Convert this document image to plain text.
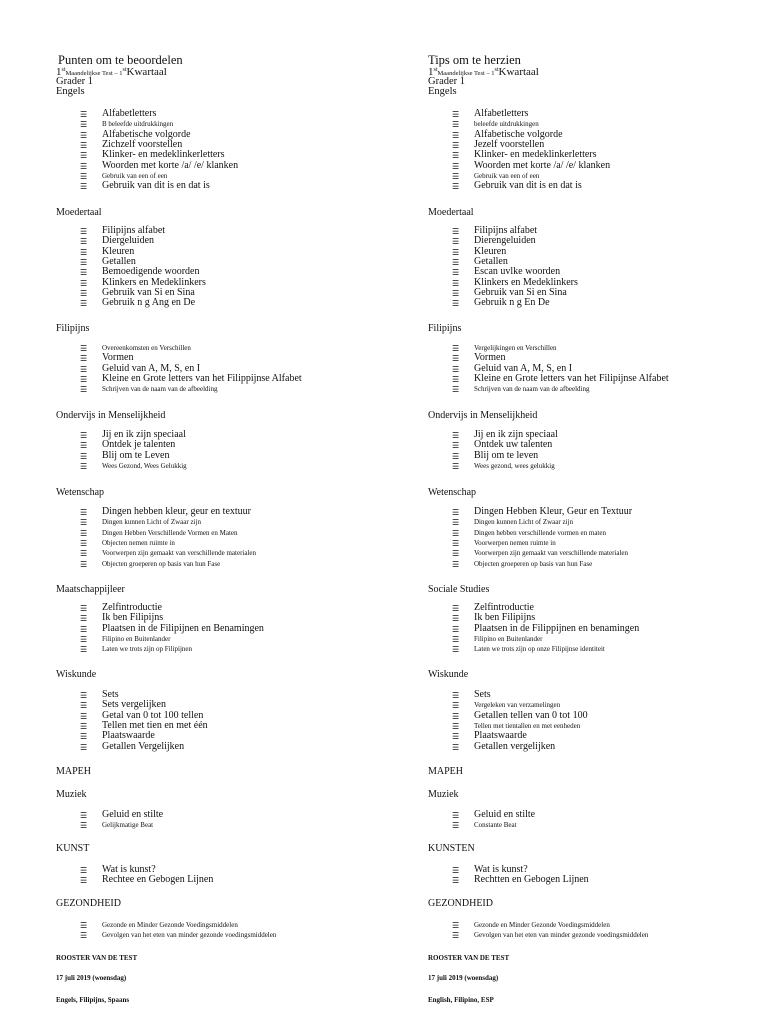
Punten om te beoordelen
1stMaandelijkse Test – 1stKwartaal
Grader 1
Engels
☰ Alfabetletters
☰ B beleefde uitdrukkingen
☰ Alfabetische volgorde
☰ Zichzelf voorstellen
☰ Klinker- en medeklinkerletters
☰ Woorden met korte /a/ /e/ klanken
☰ Gebruik van een of een
☰ Gebruik van dit is en dat is
Moedertaal
☰ Filipijns alfabet
☰ Diergeluiden
☰ Kleuren
☰ Getallen
☰ Bemoedigende woorden
☰ Klinkers en Medeklinkers
☰ Gebruik van Si en Sina
☰ Gebruik n g Ang en De
Filipijns
☰ Overeenkomsten en Verschillen
☰ Vormen
☰ Geluid van A, M, S, en I
☰ Kleine en Grote letters van het Filippijnse Alfabet
☰ Schrijven van de naam van de afbeelding
Ondervijs in Menselijkheid
☰ Jij en ik zijn speciaal
☰ Ontdek je talenten
☰ Blij om te Leven
☰ Wees Gezond, Wees Gelukkig
Wetenschap
☰ Dingen hebben kleur, geur en textuur
☰ Dingen kunnen Licht of Zwaar zijn
☰ Dingen Hebben Verschillende Vormen en Maten
☰ Objecten nemen ruimte in
☰ Voorwerpen zijn gemaakt van verschillende materialen
☰ Objecten groeperen op basis van hun Fase
Maatschappijleer
☰ Zelfintroductie
☰ Ik ben Filipijns
☰ Plaatsen in de Filipijnen en Benamingen
☰ Filipino en Buitenlander
☰ Laten we trots zijn op Filipijnen
Wiskunde
☰ Sets
☰ Sets vergelijken
☰ Getal van 0 tot 100 tellen
☰ Tellen met tien en met één
☰ Plaatswaarde
☰ Getallen Vergelijken
MAPEH
Muziek
☰ Geluid en stilte
☰ Gelijkmatige Beat
KUNST
☰ Wat is kunst?
☰ Rechtee en Gebogen Lijnen
GEZONDHEID
☰ Gezonde en Minder Gezonde Voedingsmiddelen
☰ Gevolgen van het eten van minder gezonde voedingsmiddelen
ROOSTER VAN DE TEST
17 juli 2019 (woensdag)
Engels, Filipijns, Spaans
Tips om te herzien
1stMaandelijkse Test – 1stKwartaal
Grader 1
Engels
☰ Alfabetletters
☰ beleefde uitdrukkingen
☰ Alfabetische volgorde
☰ Jezelf voorstellen
☰ Klinker- en medeklinkerletters
☰ Woorden met korte /a/ /e/ klanken
☰ Gebruik van een of een
☰ Gebruik van dit is en dat is
Moedertaal
☰ Filipijns alfabet
☰ Dierengeluiden
☰ Kleuren
☰ Getallen
☰ Escan uvlke woorden
☰ Klinkers en Medeklinkers
☰ Gebruik van Si en Sina
☰ Gebruik n g En De
Filipijns
☰ Vergelijkingen en Verschillen
☰ Vormen
☰ Geluid van A, M, S, en I
☰ Kleine en Grote letters van het Filipijnse Alfabet
☰ Schrijven van de naam van de afbeelding
Ondervijs in Menselijkheid
☰ Jij en ik zijn speciaal
☰ Ontdek uw talenten
☰ Blij om te leven
☰ Wees gezond, wees gelukkig
Wetenschap
☰ Dingen Hebben Kleur, Geur en Textuur
☰ Dingen kunnen Licht of Zwaar zijn
☰ Dingen hebben verschillende vormen en maten
☰ Voorwerpen nemen ruimte in
☰ Voorwerpen zijn gemaakt van verschillende materialen
☰ Objecten groeperen op basis van hun Fase
Sociale Studies
☰ Zelfintroductie
☰ Ik ben Filipijns
☰ Plaatsen in de Filippijnen en benamingen
☰ Filipino en Buitenlander
☰ Laten we trots zijn op onze Filipijnse identiteit
Wiskunde
☰ Sets
☰ Vergeleken van verzamelingen
☰ Getallen tellen van 0 tot 100
☰ Tellen met tientallen en met eenheden
☰ Plaatswaarde
☰ Getallen vergelijken
MAPEH
Muziek
☰ Geluid en stilte
☰ Constante Beat
KUNSTEN
☰ Wat is kunst?
☰ Rechtten en Gebogen Lijnen
GEZONDHEID
☰ Gezonde en Minder Gezonde Voedingsmiddelen
☰ Gevolgen van het eten van minder gezonde voedingsmiddelen
ROOSTER VAN DE TEST
17 juli 2019 (woensdag)
English, Filipino, ESP
